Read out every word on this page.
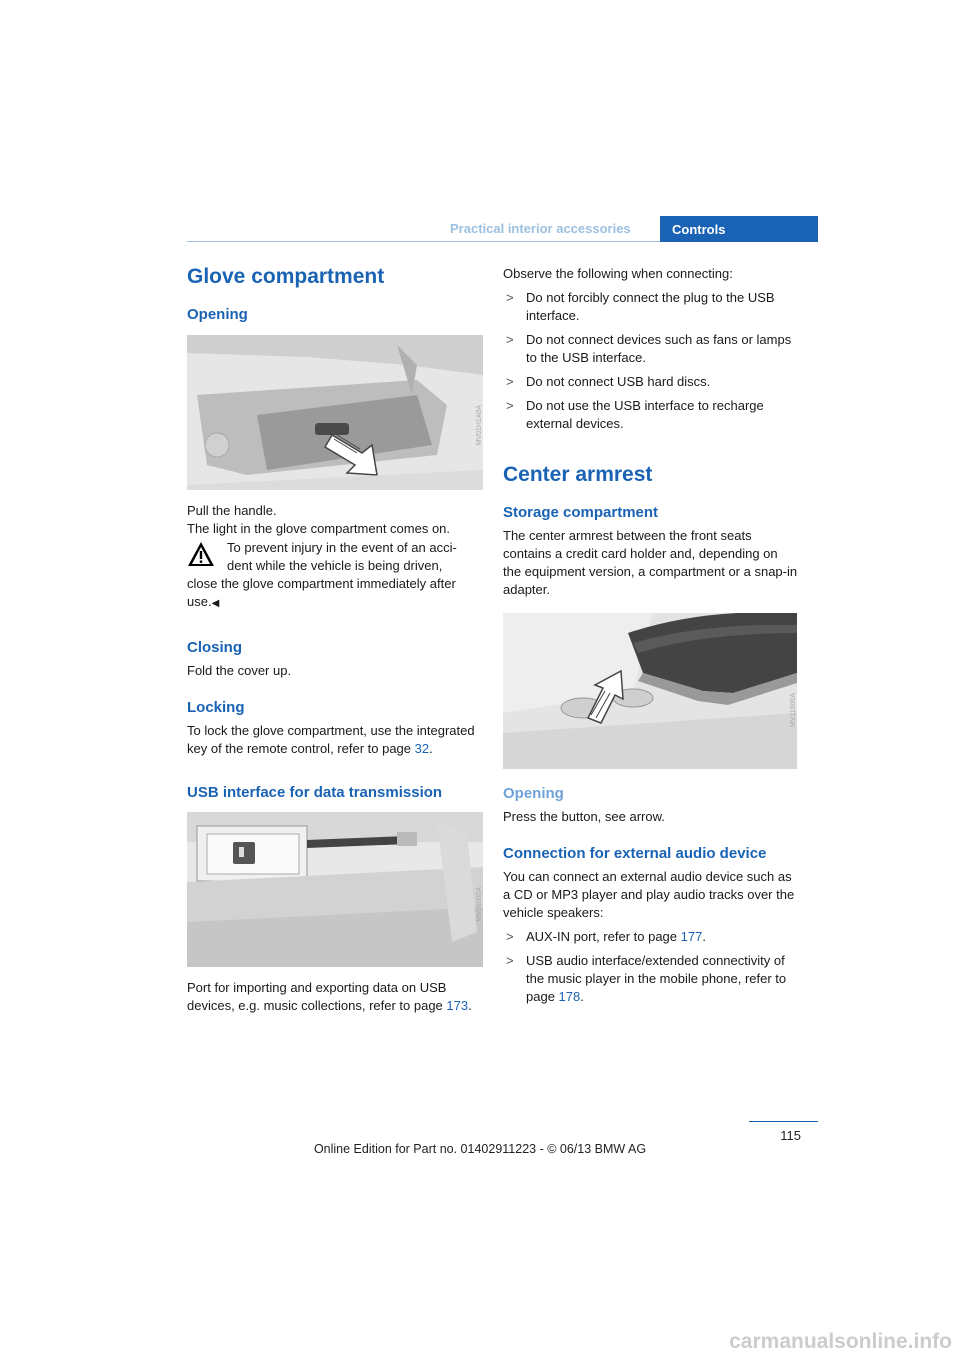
Practical interior accessories	Controls
Glove compartment
Opening
MV01H1A0A

Pull the handle.

The light in the glove compartment comes on.

To prevent injury in the event of an acci-

dent while the vehicle is being driven,

close the glove compartment immediately after use.◀

Closing

Fold the cover up.

Locking

To lock the glove compartment, use the integrated key of the remote control, refer to page 32.

USB interface for data transmission
MV08000A

Port for importing and exporting data on USB devices, e.g. music collections, refer to page 173.

Observe the following when connecting:

> Do not forcibly connect the plug to the USB interface.
> Do not connect devices such as fans or lamps to the USB interface.
> Do not connect USB hard discs.
> Do not use the USB interface to recharge external devices.
Center armrest
Storage compartment

The center armrest between the front seats contains a credit card holder and, depending on the equipment version, a compartment or a snap-in adapter.

MV11000A
Opening

Press the button, see arrow.

Connection for external audio device

You can connect an external audio device such as a CD or MP3 player and play audio tracks over the vehicle speakers:

> AUX-IN port, refer to page 177.
> USB audio interface/extended connectivity of the music player in the mobile phone, refer to page 178.
115
Online Edition for Part no. 01402911223 - © 06/13 BMW AG
carmanualsonline.info
